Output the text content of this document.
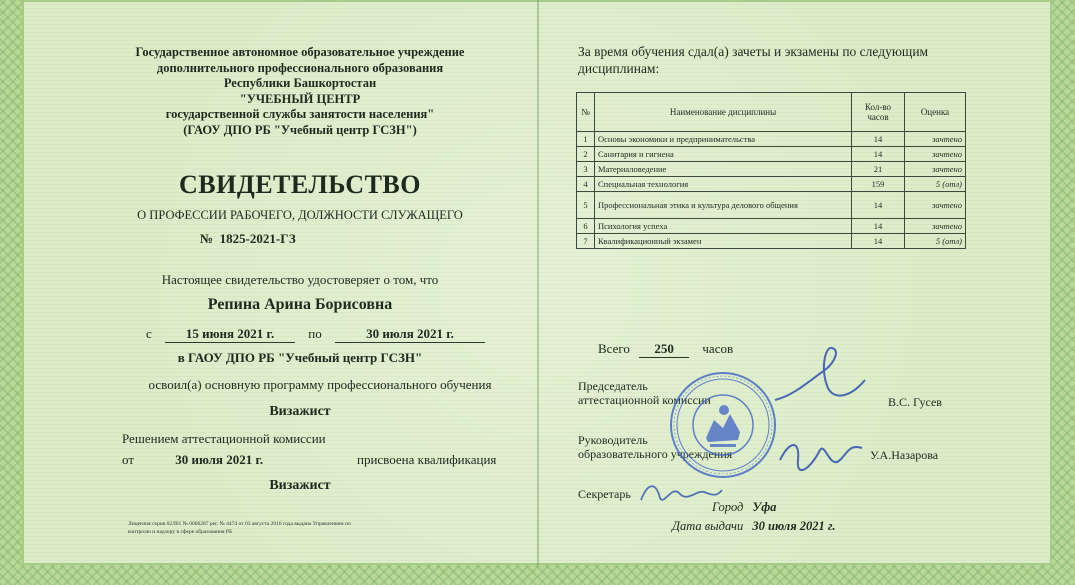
Государственное автономное образовательное учреждение
дополнительного профессионального образования
Республики Башкортостан
"УЧЕБНЫЙ ЦЕНТР
государственной службы занятости населения"
(ГАОУ ДПО РБ "Учебный центр ГСЗН")
СВИДЕТЕЛЬСТВО
О ПРОФЕССИИ РАБОЧЕГО, ДОЛЖНОСТИ СЛУЖАЩЕГО
№ 1825-2021-ГЗ
Настоящее свидетельство удостоверяет о том, что
Репина Арина Борисовна
с	15 июня 2021 г.	по	30 июля 2021 г.
в ГАОУ ДПО РБ "Учебный центр ГСЗН"
освоил(а) основную программу профессионального обучения
Визажист
Решением аттестационной комиссии
от	30 июля 2021 г.	присвоена квалификация
Визажист
Лицензия серия 02Л01 № 0006287 рег. № 4474 от 03 августа 2016 года выдана Управлением по контролю и надзору в сфере образования РБ
За время обучения сдал(а) зачеты и экзамены по следующим дисциплинам:
№	Наименование дисциплины	Кол-во часов	Оценка
1	Основы экономики и предпринимательства	14	зачтено
2	Санитария и гигиена	14	зачтено
3	Материаловедение	21	зачтено
4	Специальная технология	159	5 (отл)
5	Профессиональная этика и культура делового общения	14	зачтено
6	Психология успеха	14	зачтено
7	Квалификационный экзамен	14	5 (отл)
Всего 250 часов
Председатель
аттестационной комиссии	В.С. Гусев
Руководитель
образовательного учреждения	У.А.Назарова
Секретарь
Город Уфа
Дата выдачи 30 июля 2021 г.
